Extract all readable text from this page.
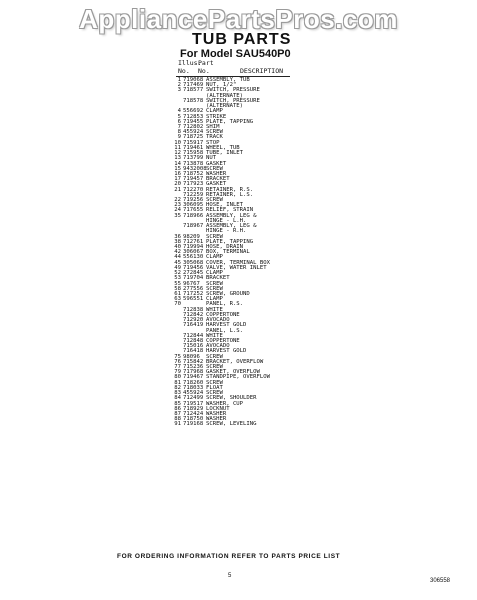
AppliancePartsPros.com
TUB PARTS
For Model SAU540P0
Illus.
Part
No. No.	DESCRIPTION
1 719068 ASSEMBLY, TUB
2 717469 NUT, 1/2"
3 718577 SWITCH, PRESSURE
(ALTERNATE)
718578 SWITCH, PRESSURE
(ALTERNATE)
4 556692 CLAMP
5 712853 STRIKE
6 719455 PLATE, TAPPING
7 712802 SHIM
8 455924 SCREW
9 718725 TRACK
10 715917 STOP
11 719461 WHEEL, TUB
12 715958 TUBE, INLET
13 713799 NUT
14 713878 GASKET
15 9432008 SCREW
16 718752 WASHER
17 719457 BRACKET
20 717923 GASKET
21 712270 RETAINER, R.S.
712259 RETAINER, L.S.
22 719256 SCREW
23 306095 HOSE, INLET
24 717655 RELIEF, STRAIN
35 718966 ASSEMBLY, LEG &
HINGE - L.H.
718967 ASSEMBLY, LEG &
HINGE - R.H.
36 98209	SCREW
38 712761 PLATE, TAPPING
40 719994 HOSE, DRAIN
42 306067 BOX, TERMINAL
44 556130 CLAMP
45 305068 COVER, TERMINAL BOX
49 719456 VALVE, WATER INLET
52 272845 CLAMP
53 719704 BRACKET
55 96767	SCREW
58 277556 SCREW
61 717252 SCREW, GROUND
63 596551 CLAMP
70	PANEL, R.S.
712838 WHITE
712842 COPPERTONE
712920 AVOCADO
716419 HARVEST GOLD
PANEL, L.S.
712844 WHITE
712848 COPPERTONE
715016 AVOCADO
716418 HARVEST GOLD
75 98096	SCREW
76 715842 BRACKET, OVERFLOW
77 715236 SCREW
79 717968 GASKET, OVERFLOW
80 719467 STANDPIPE, OVERFLOW
81 718260 SCREW
82 718033 FLOAT
83 455924 SCREW
84 712499 SCREW, SHOULDER
85 719517 WASHER, CUP
86 718929 LOCKNUT
87 712424 WASHER
88 718750 WASHER
91 719168 SCREW, LEVELING
FOR ORDERING INFORMATION REFER TO PARTS PRICE LIST
5
306558
